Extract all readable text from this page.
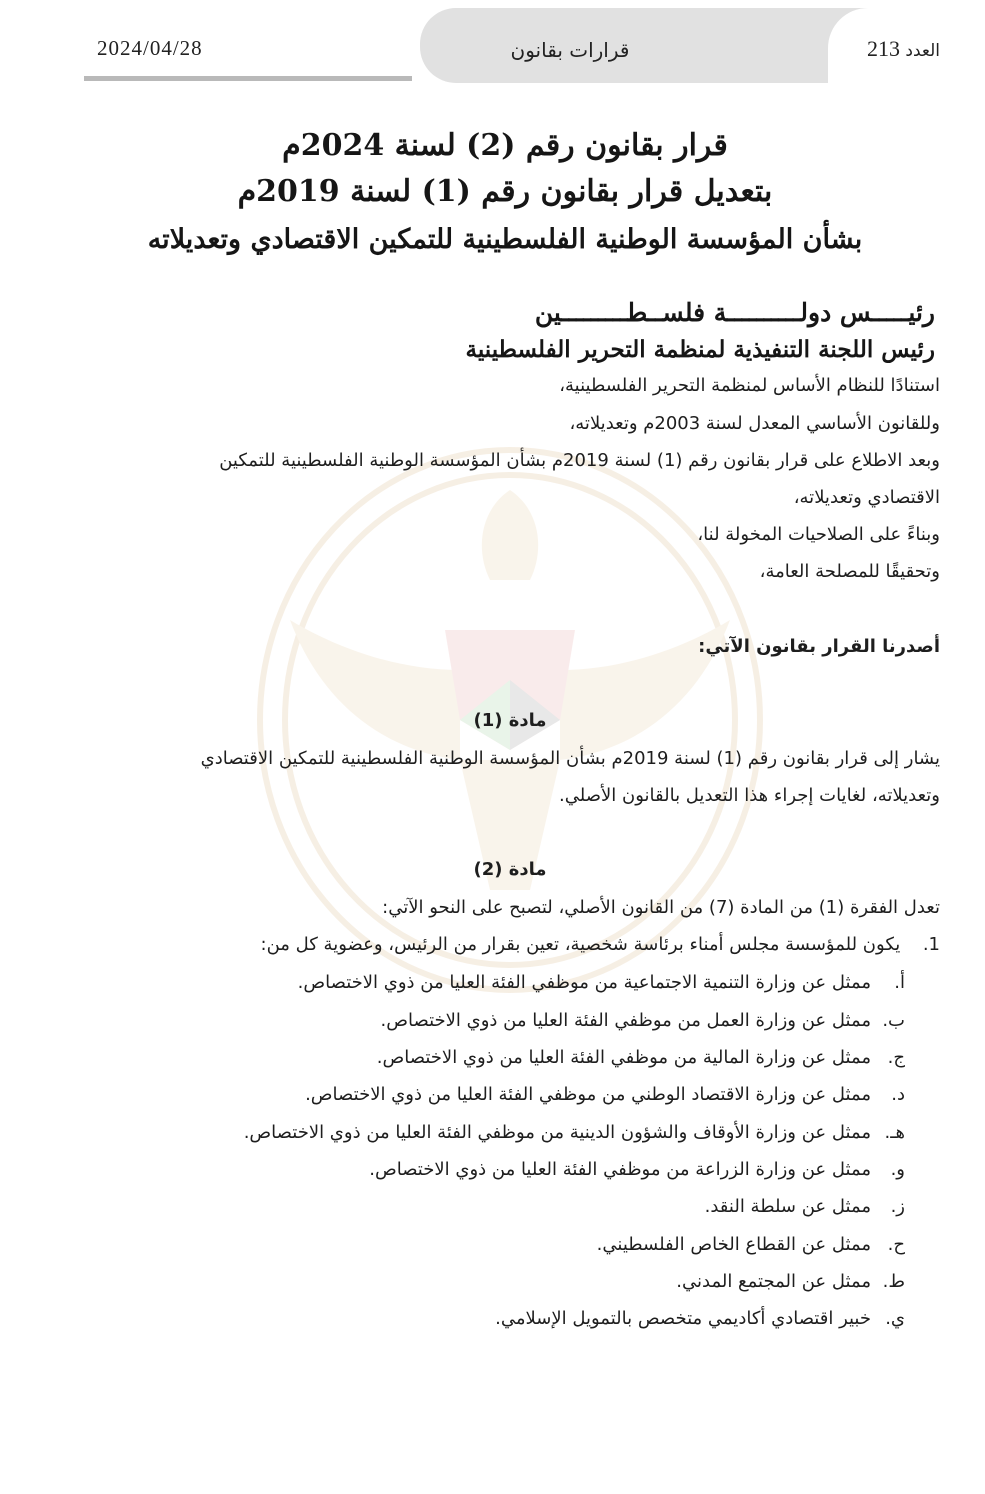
2024/04/28	قرارات بقانون	العدد 213
قرار بقانون رقم (2) لسنة 2024م
بتعديل قرار بقانون رقم (1) لسنة 2019م
بشأن المؤسسة الوطنية الفلسطينية للتمكين الاقتصادي وتعديلاته
رئيـــــس دولــــــــــة فلســطـــــــــين
رئيس اللجنة التنفيذية لمنظمة التحرير الفلسطينية
استنادًا للنظام الأساس لمنظمة التحرير الفلسطينية،
وللقانون الأساسي المعدل لسنة 2003م وتعديلاته،
وبعد الاطلاع على قرار بقانون رقم (1) لسنة 2019م بشأن المؤسسة الوطنية الفلسطينية للتمكين
الاقتصادي وتعديلاته،
وبناءً على الصلاحيات المخولة لنا،
وتحقيقًا للمصلحة العامة،
أصدرنا القرار بقانون الآتي:
مادة (1)
يشار إلى قرار بقانون رقم (1) لسنة 2019م بشأن المؤسسة الوطنية الفلسطينية للتمكين الاقتصادي
وتعديلاته، لغايات إجراء هذا التعديل بالقانون الأصلي.
مادة (2)
تعدل الفقرة (1) من المادة (7) من القانون الأصلي، لتصبح على النحو الآتي:
1. يكون للمؤسسة مجلس أمناء برئاسة شخصية، تعين بقرار من الرئيس، وعضوية كل من:
أ.ممثل عن وزارة التنمية الاجتماعية من موظفي الفئة العليا من ذوي الاختصاص.
ب.ممثل عن وزارة العمل من موظفي الفئة العليا من ذوي الاختصاص.
ج.ممثل عن وزارة المالية من موظفي الفئة العليا من ذوي الاختصاص.
د.ممثل عن وزارة الاقتصاد الوطني من موظفي الفئة العليا من ذوي الاختصاص.
هـ.ممثل عن وزارة الأوقاف والشؤون الدينية من موظفي الفئة العليا من ذوي الاختصاص.
و.ممثل عن وزارة الزراعة من موظفي الفئة العليا من ذوي الاختصاص.
ز.ممثل عن سلطة النقد.
ح.ممثل عن القطاع الخاص الفلسطيني.
ط.ممثل عن المجتمع المدني.
ي.خبير اقتصادي أكاديمي متخصص بالتمويل الإسلامي.
